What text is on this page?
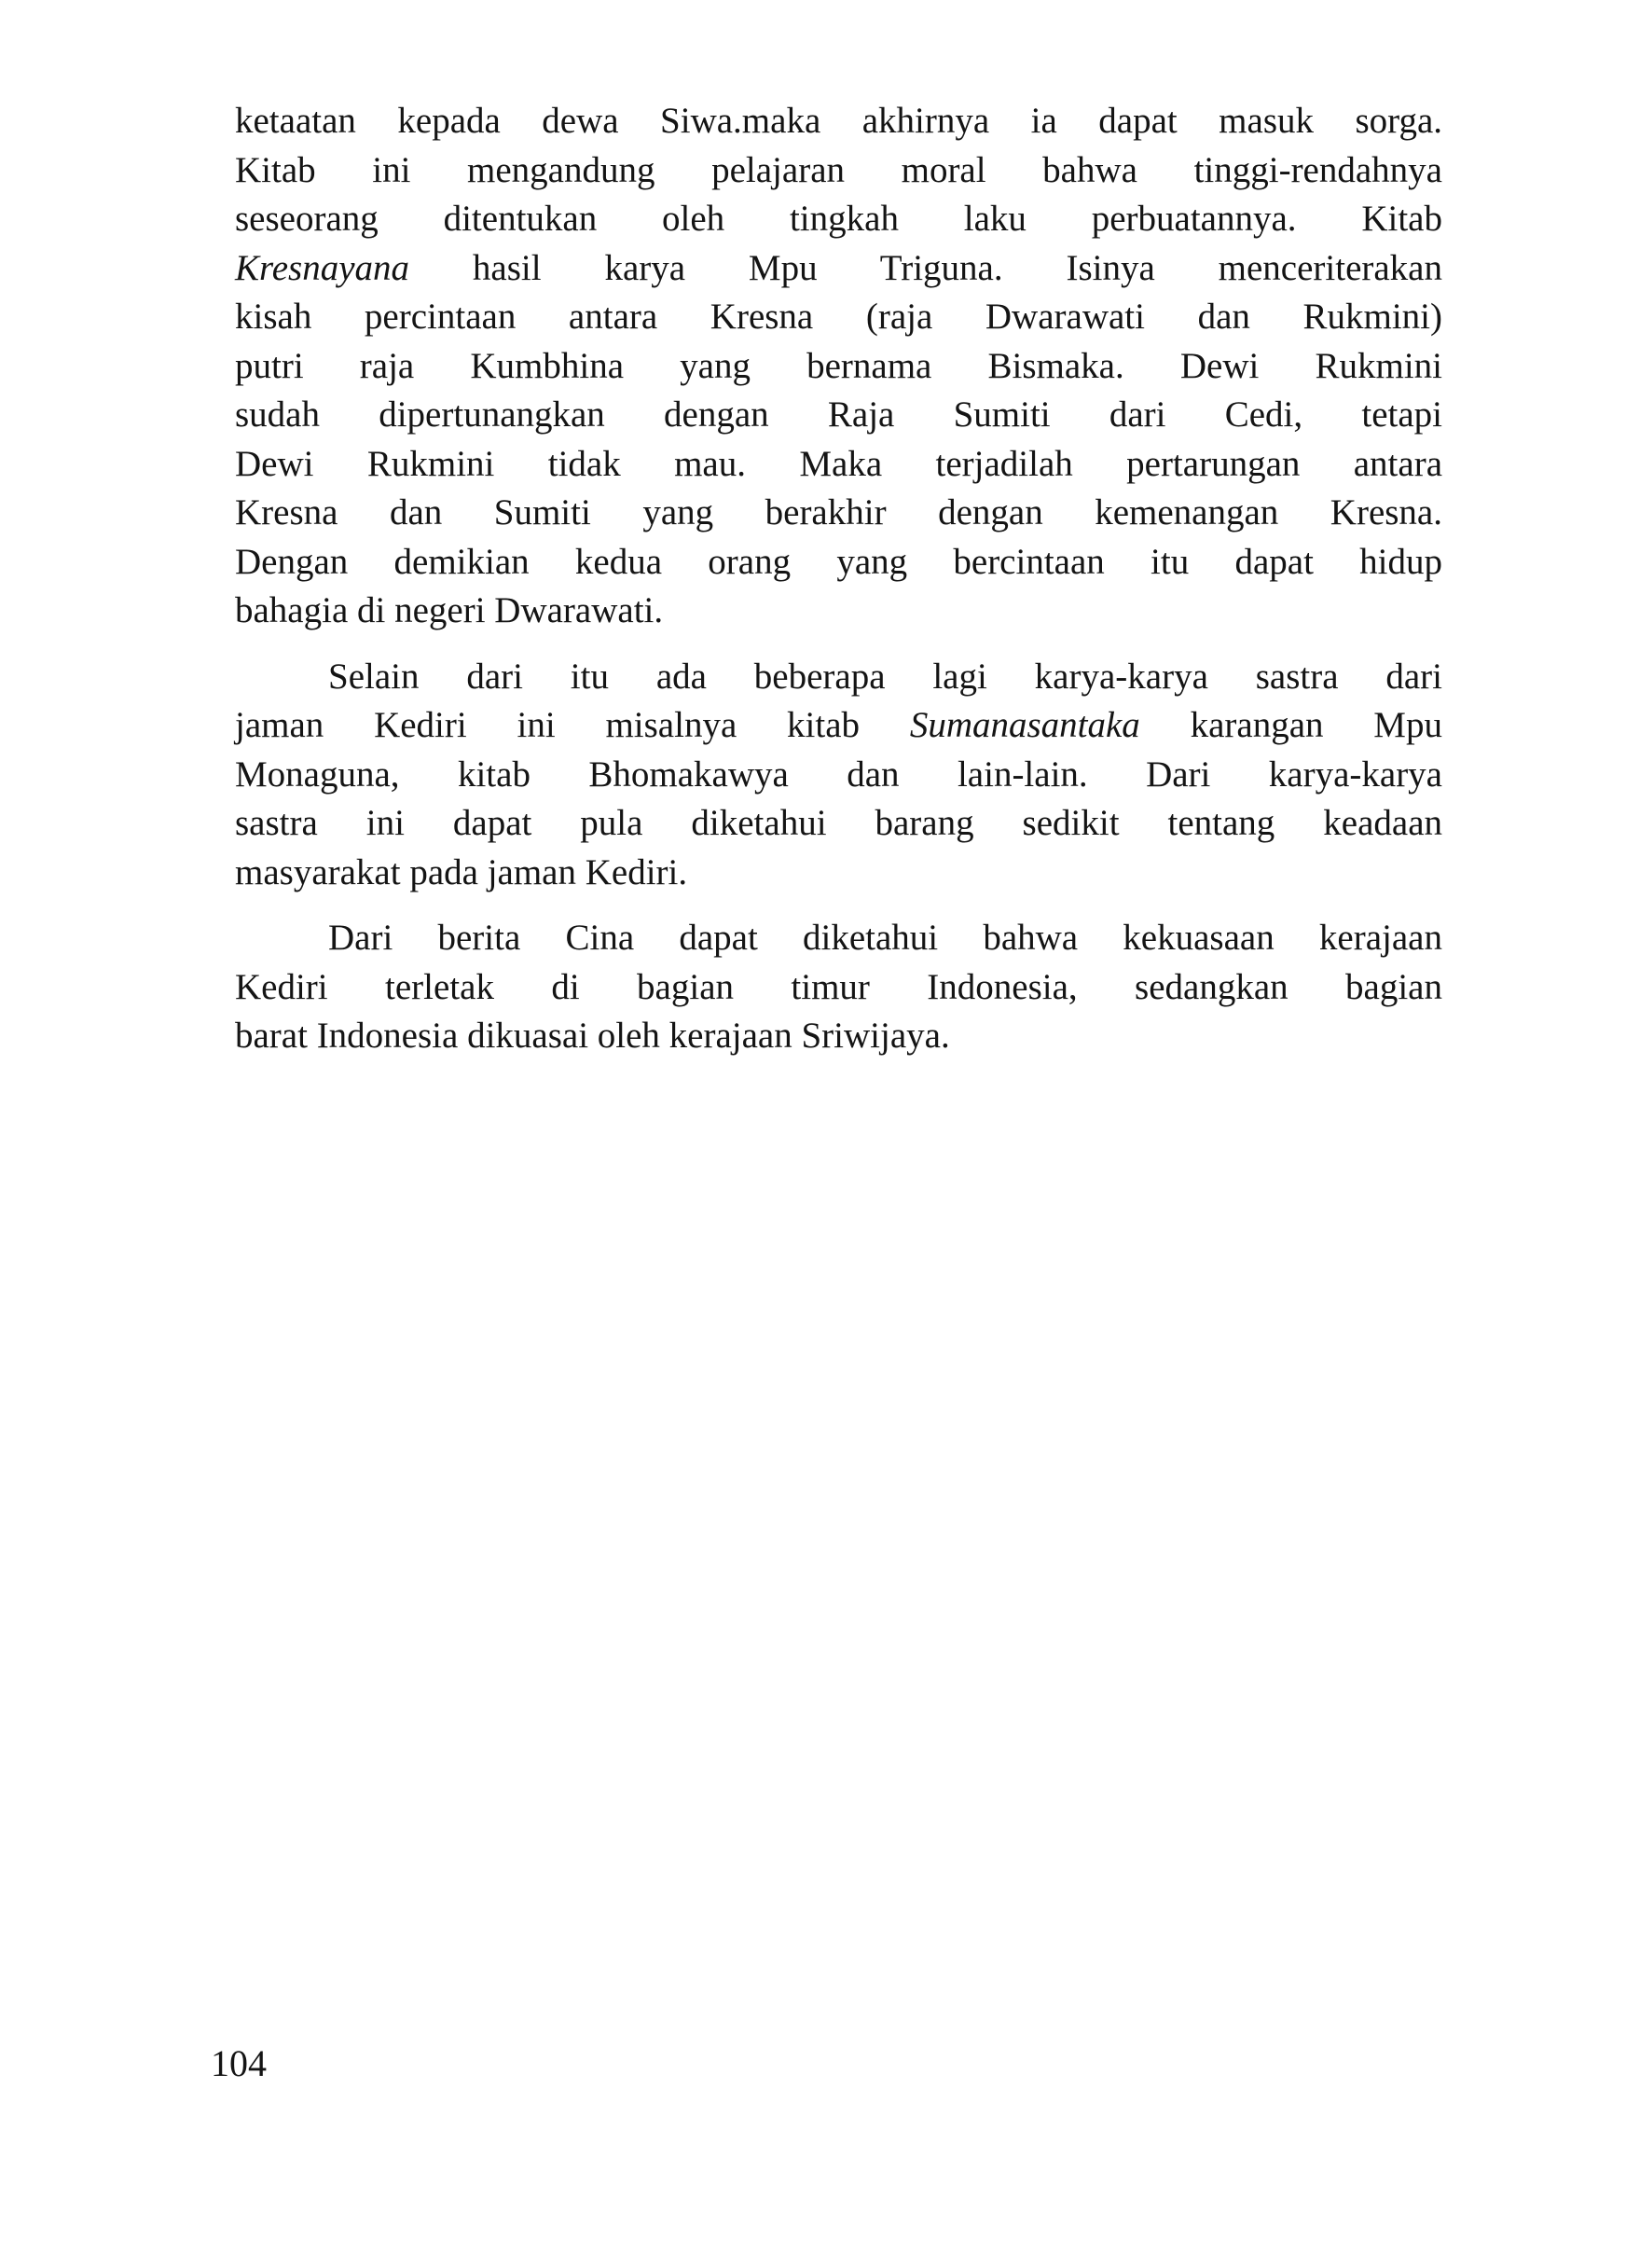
ketaatan kepada dewa Siwa.maka akhirnya ia dapat masuk sorga.
Kitab ini mengandung pelajaran moral bahwa tinggi-rendahnya
seseorang ditentukan oleh tingkah laku perbuatannya. Kitab
Kresnayana hasil karya Mpu Triguna. Isinya menceriterakan
kisah percintaan antara Kresna (raja Dwarawati dan Rukmini)
putri raja Kumbhina yang bernama Bismaka. Dewi Rukmini
sudah dipertunangkan dengan Raja Sumiti dari Cedi, tetapi
Dewi Rukmini tidak mau. Maka terjadilah pertarungan antara
Kresna dan Sumiti yang berakhir dengan kemenangan Kresna.
Dengan demikian kedua orang yang bercintaan itu dapat hidup
bahagia di negeri Dwarawati.
Selain dari itu ada beberapa lagi karya-karya sastra dari
jaman Kediri ini misalnya kitab Sumanasantaka karangan Mpu
Monaguna, kitab Bhomakawya dan lain-lain. Dari karya-karya
sastra ini dapat pula diketahui barang sedikit tentang keadaan
masyarakat pada jaman Kediri.
Dari berita Cina dapat diketahui bahwa kekuasaan kerajaan
Kediri terletak di bagian timur Indonesia, sedangkan bagian
barat Indonesia dikuasai oleh kerajaan Sriwijaya.
104
